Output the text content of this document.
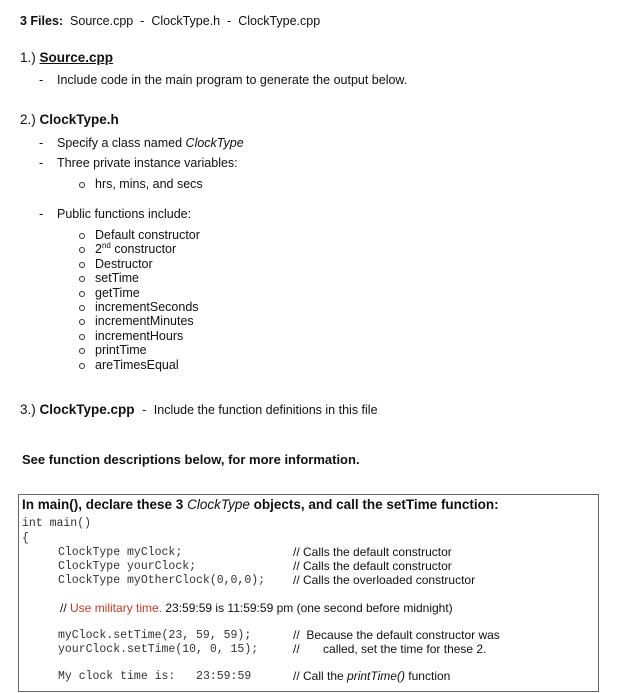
3 Files: Source.cpp - ClockType.h - ClockType.cpp
1.) Source.cpp
- Include code in the main program to generate the output below.
2.) ClockType.h
- Specify a class named ClockType
- Three private instance variables:
hrs, mins, and secs
- Public functions include:
Default constructor
2nd constructor
Destructor
setTime
getTime
incrementSeconds
incrementMinutes
incrementHours
printTime
areTimesEqual
3.) ClockType.cpp - Include the function definitions in this file
See function descriptions below, for more information.
In main(), declare these 3 ClockType objects, and call the setTime function:
int main()
{
ClockType myClock;
ClockType yourClock;
ClockType myOtherClock(0,0,0);
// Calls the default constructor
// Calls the default constructor
// Calls the overloaded constructor
// Use military time. 23:59:59 is 11:59:59 pm (one second before midnight)
myClock.setTime(23, 59, 59);
yourClock.setTime(10, 0, 15);
// Because the default constructor was
// called, set the time for these 2.
My clock time is: 23:59:59	// Call the printTime() function
